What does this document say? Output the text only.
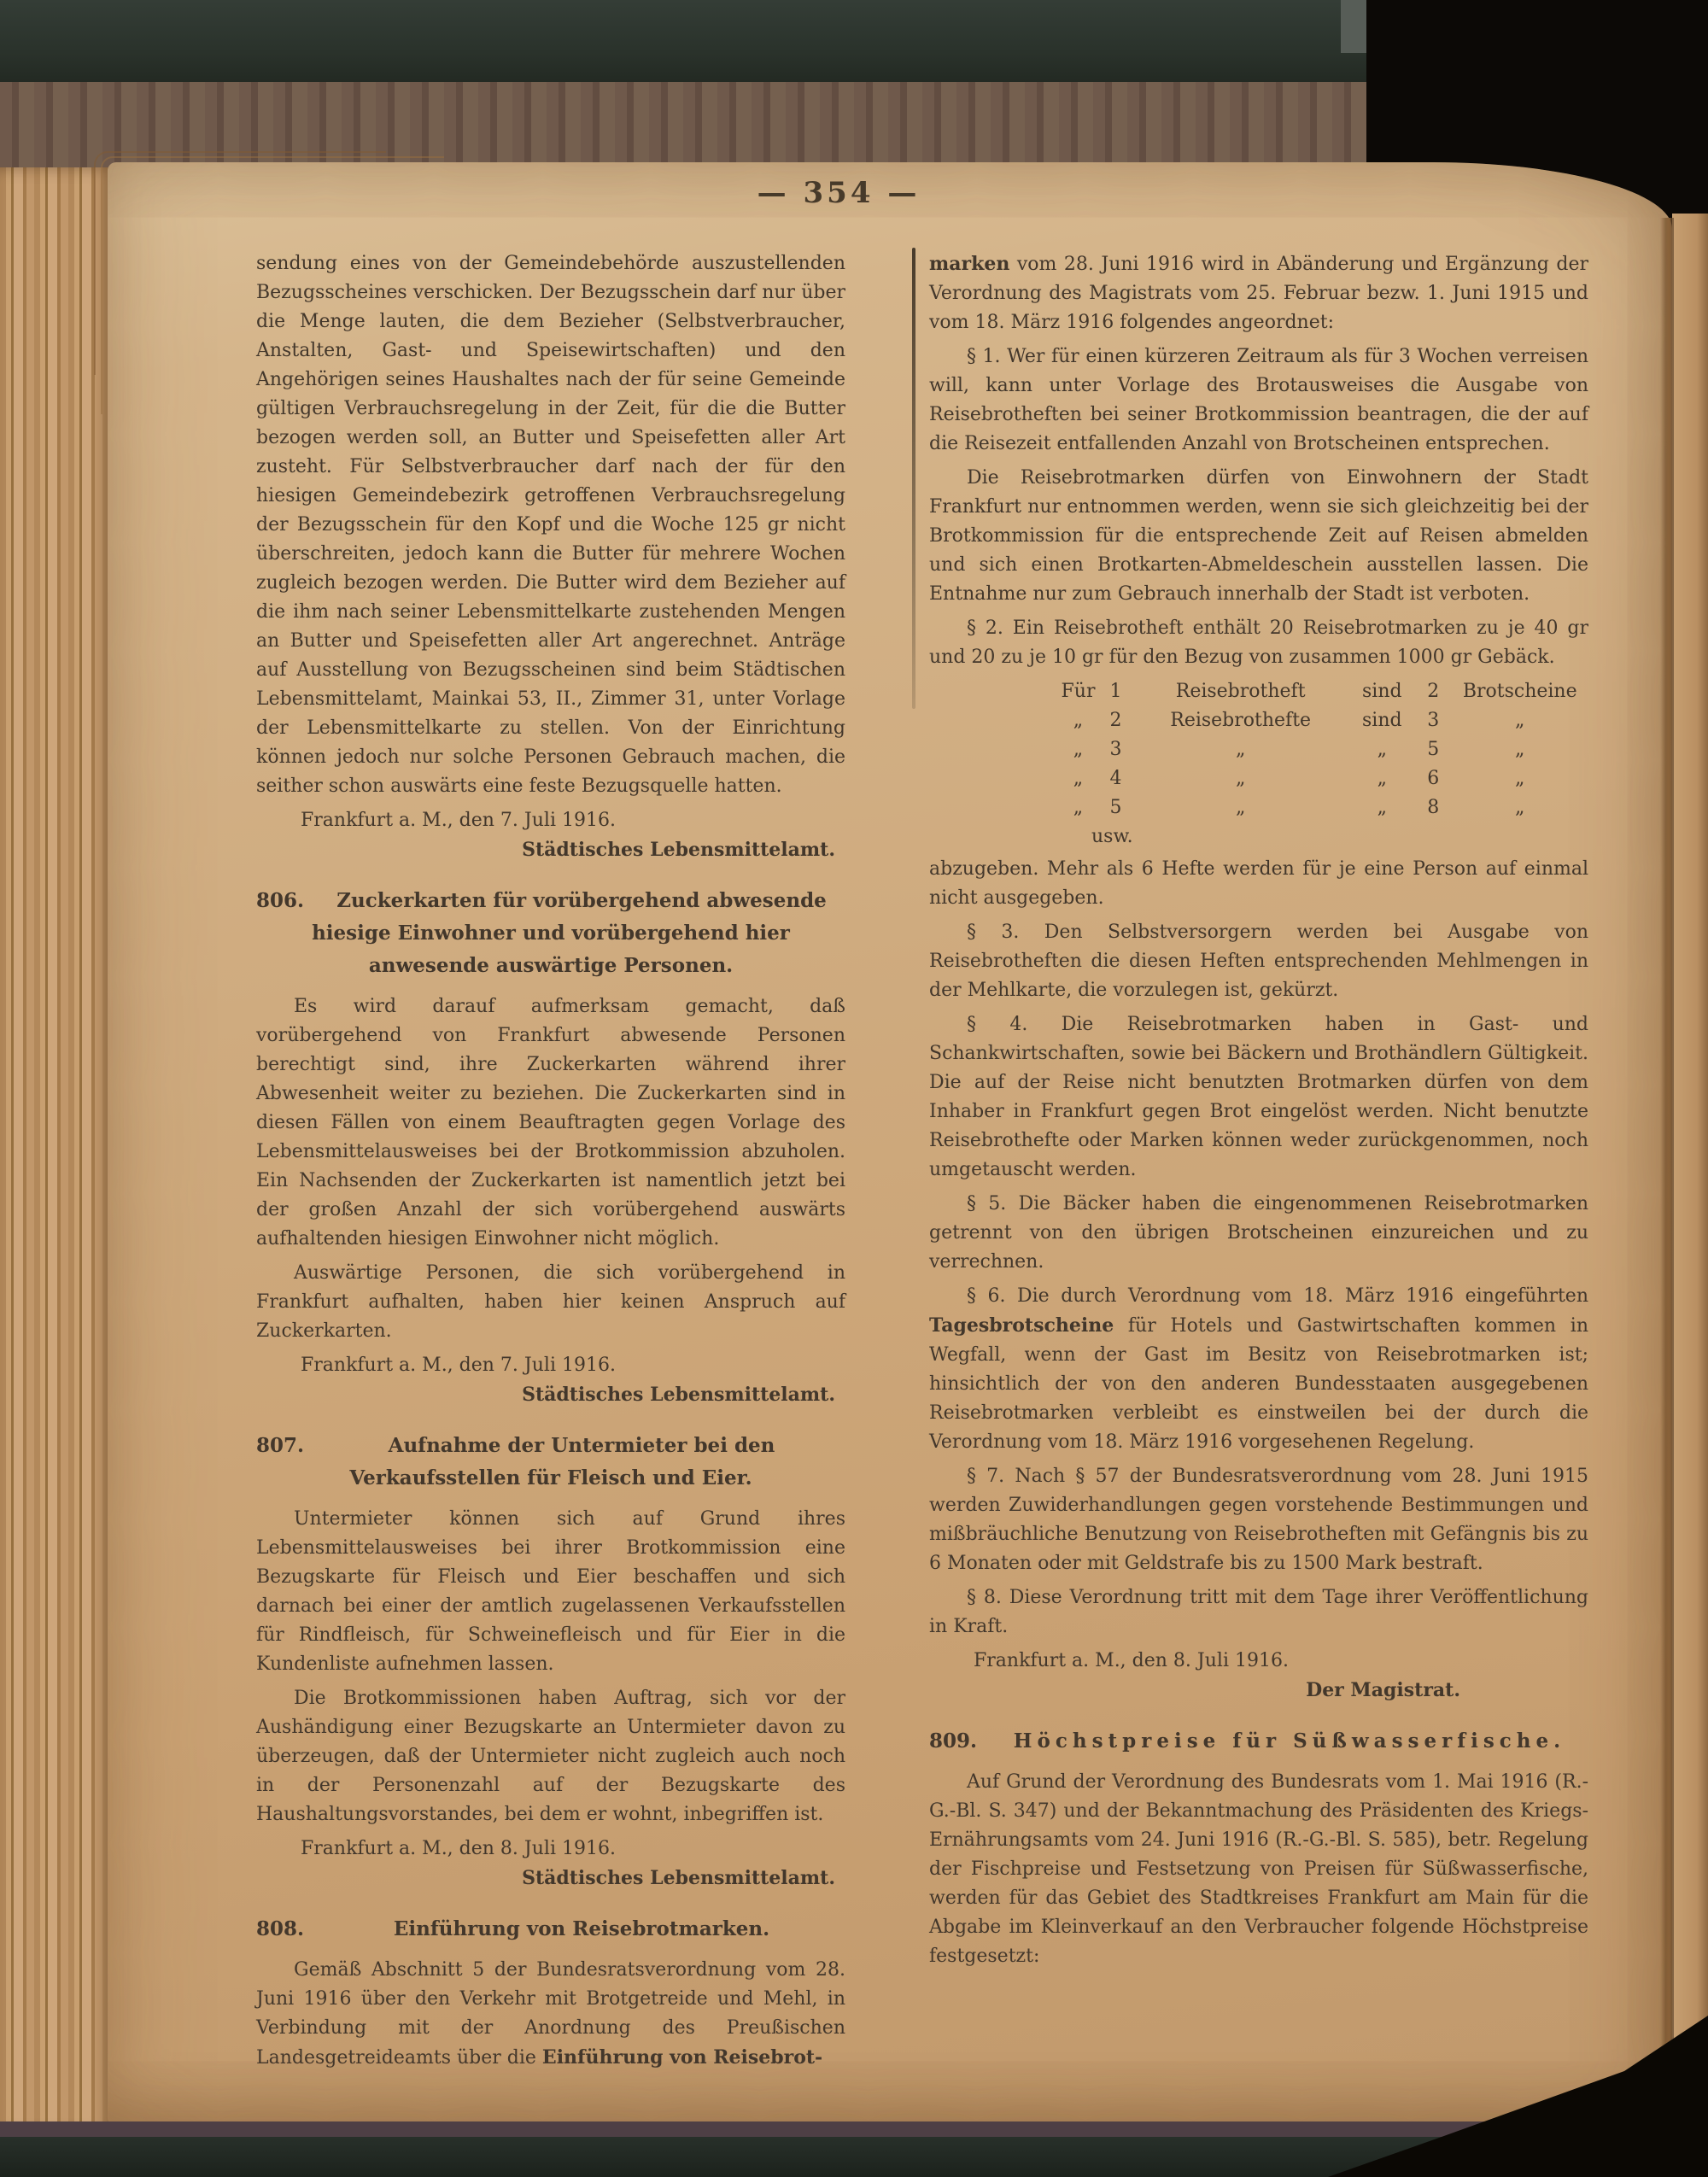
— 354 —

sendung eines von der Gemeindebehörde auszustellenden Bezugsscheines verschicken. Der Bezugsschein darf nur über die Menge lauten, die dem Bezieher (Selbstverbraucher, Anstalten, Gast- und Speisewirtschaften) und den Angehörigen seines Haushaltes nach der für seine Gemeinde gültigen Verbrauchsregelung in der Zeit, für die die Butter bezogen werden soll, an Butter und Speisefetten aller Art zusteht. Für Selbstverbraucher darf nach der für den hiesigen Gemeindebezirk getroffenen Verbrauchsregelung der Bezugsschein für den Kopf und die Woche 125 gr nicht überschreiten, jedoch kann die Butter für mehrere Wochen zugleich bezogen werden. Die Butter wird dem Bezieher auf die ihm nach seiner Lebensmittelkarte zustehenden Mengen an Butter und Speisefetten aller Art angerechnet. Anträge auf Ausstellung von Bezugsscheinen sind beim Städtischen Lebensmittelamt, Mainkai 53, II., Zimmer 31, unter Vorlage der Lebensmittelkarte zu stellen. Von der Einrichtung können jedoch nur solche Personen Gebrauch machen, die seither schon auswärts eine feste Bezugsquelle hatten.

Frankfurt a. M., den 7. Juli 1916.

Städtisches Lebensmittelamt.

806.	Zuckerkarten für vorübergehend abwesende hiesige Einwohner und vorübergehend hier anwesende auswärtige Personen.

Es wird darauf aufmerksam gemacht, daß vorübergehend von Frankfurt abwesende Personen berechtigt sind, ihre Zuckerkarten während ihrer Abwesenheit weiter zu beziehen. Die Zuckerkarten sind in diesen Fällen von einem Beauftragten gegen Vorlage des Lebensmittelausweises bei der Brotkommission abzuholen. Ein Nachsenden der Zuckerkarten ist namentlich jetzt bei der großen Anzahl der sich vorübergehend auswärts aufhaltenden hiesigen Einwohner nicht möglich.

Auswärtige Personen, die sich vorübergehend in Frankfurt aufhalten, haben hier keinen Anspruch auf Zuckerkarten.

Frankfurt a. M., den 7. Juli 1916.

Städtisches Lebensmittelamt.

807.	Aufnahme der Untermieter bei den Verkaufsstellen für Fleisch und Eier.

Untermieter können sich auf Grund ihres Lebensmittelausweises bei ihrer Brotkommission eine Bezugskarte für Fleisch und Eier beschaffen und sich darnach bei einer der amtlich zugelassenen Verkaufsstellen für Rindfleisch, für Schweinefleisch und für Eier in die Kundenliste aufnehmen lassen.

Die Brotkommissionen haben Auftrag, sich vor der Aushändigung einer Bezugskarte an Untermieter davon zu überzeugen, daß der Untermieter nicht zugleich auch noch in der Personenzahl auf der Bezugskarte des Haushaltungsvorstandes, bei dem er wohnt, inbegriffen ist.

Frankfurt a. M., den 8. Juli 1916.

Städtisches Lebensmittelamt.

808.	Einführung von Reisebrotmarken.

Gemäß Abschnitt 5 der Bundesratsverordnung vom 28. Juni 1916 über den Verkehr mit Brotgetreide und Mehl, in Verbindung mit der Anordnung des Preußischen Landesgetreideamts über die Einführung von Reisebrot-

marken vom 28. Juni 1916 wird in Abänderung und Ergänzung der Verordnung des Magistrats vom 25. Februar bezw. 1. Juni 1915 und vom 18. März 1916 folgendes angeordnet:

§ 1. Wer für einen kürzeren Zeitraum als für 3 Wochen verreisen will, kann unter Vorlage des Brotausweises die Ausgabe von Reisebrotheften bei seiner Brotkommission beantragen, die der auf die Reisezeit entfallenden Anzahl von Brotscheinen entsprechen.

Die Reisebrotmarken dürfen von Einwohnern der Stadt Frankfurt nur entnommen werden, wenn sie sich gleichzeitig bei der Brotkommission für die entsprechende Zeit auf Reisen abmelden und sich einen Brotkarten-Abmeldeschein ausstellen lassen. Die Entnahme nur zum Gebrauch innerhalb der Stadt ist verboten.

§ 2. Ein Reisebrotheft enthält 20 Reisebrotmarken zu je 40 gr und 20 zu je 10 gr für den Bezug von zusammen 1000 gr Gebäck.

Für 1	Reisebrotheft	sind	2	Brotscheine
„	2	Reisebrothefte	sind	3	„
„	3	„	„	5	„
„	4	„	„	6	„
„	5	„	„	8	„
usw.

abzugeben. Mehr als 6 Hefte werden für je eine Person auf einmal nicht ausgegeben.

§ 3. Den Selbstversorgern werden bei Ausgabe von Reisebrotheften die diesen Heften entsprechenden Mehlmengen in der Mehlkarte, die vorzulegen ist, gekürzt.

§ 4. Die Reisebrotmarken haben in Gast- und Schankwirtschaften, sowie bei Bäckern und Brothändlern Gültigkeit. Die auf der Reise nicht benutzten Brotmarken dürfen von dem Inhaber in Frankfurt gegen Brot eingelöst werden. Nicht benutzte Reisebrothefte oder Marken können weder zurückgenommen, noch umgetauscht werden.

§ 5. Die Bäcker haben die eingenommenen Reisebrotmarken getrennt von den übrigen Brotscheinen einzureichen und zu verrechnen.

§ 6. Die durch Verordnung vom 18. März 1916 eingeführten Tagesbrotscheine für Hotels und Gastwirtschaften kommen in Wegfall, wenn der Gast im Besitz von Reisebrotmarken ist; hinsichtlich der von den anderen Bundesstaaten ausgegebenen Reisebrotmarken verbleibt es einstweilen bei der durch die Verordnung vom 18. März 1916 vorgesehenen Regelung.

§ 7. Nach § 57 der Bundesratsverordnung vom 28. Juni 1915 werden Zuwiderhandlungen gegen vorstehende Bestimmungen und mißbräuchliche Benutzung von Reisebrotheften mit Gefängnis bis zu 6 Monaten oder mit Geldstrafe bis zu 1500 Mark bestraft.

§ 8. Diese Verordnung tritt mit dem Tage ihrer Veröffentlichung in Kraft.

Frankfurt a. M., den 8. Juli 1916.

Der Magistrat.

809.	Höchstpreise für Süßwasserfische.

Auf Grund der Verordnung des Bundesrats vom 1. Mai 1916 (R.-G.-Bl. S. 347) und der Bekanntmachung des Präsidenten des Kriegs-Ernährungsamts vom 24. Juni 1916 (R.-G.-Bl. S. 585), betr. Regelung der Fischpreise und Festsetzung von Preisen für Süßwasserfische, werden für das Gebiet des Stadtkreises Frankfurt am Main für die Abgabe im Kleinverkauf an den Verbraucher folgende Höchstpreise festgesetzt:
